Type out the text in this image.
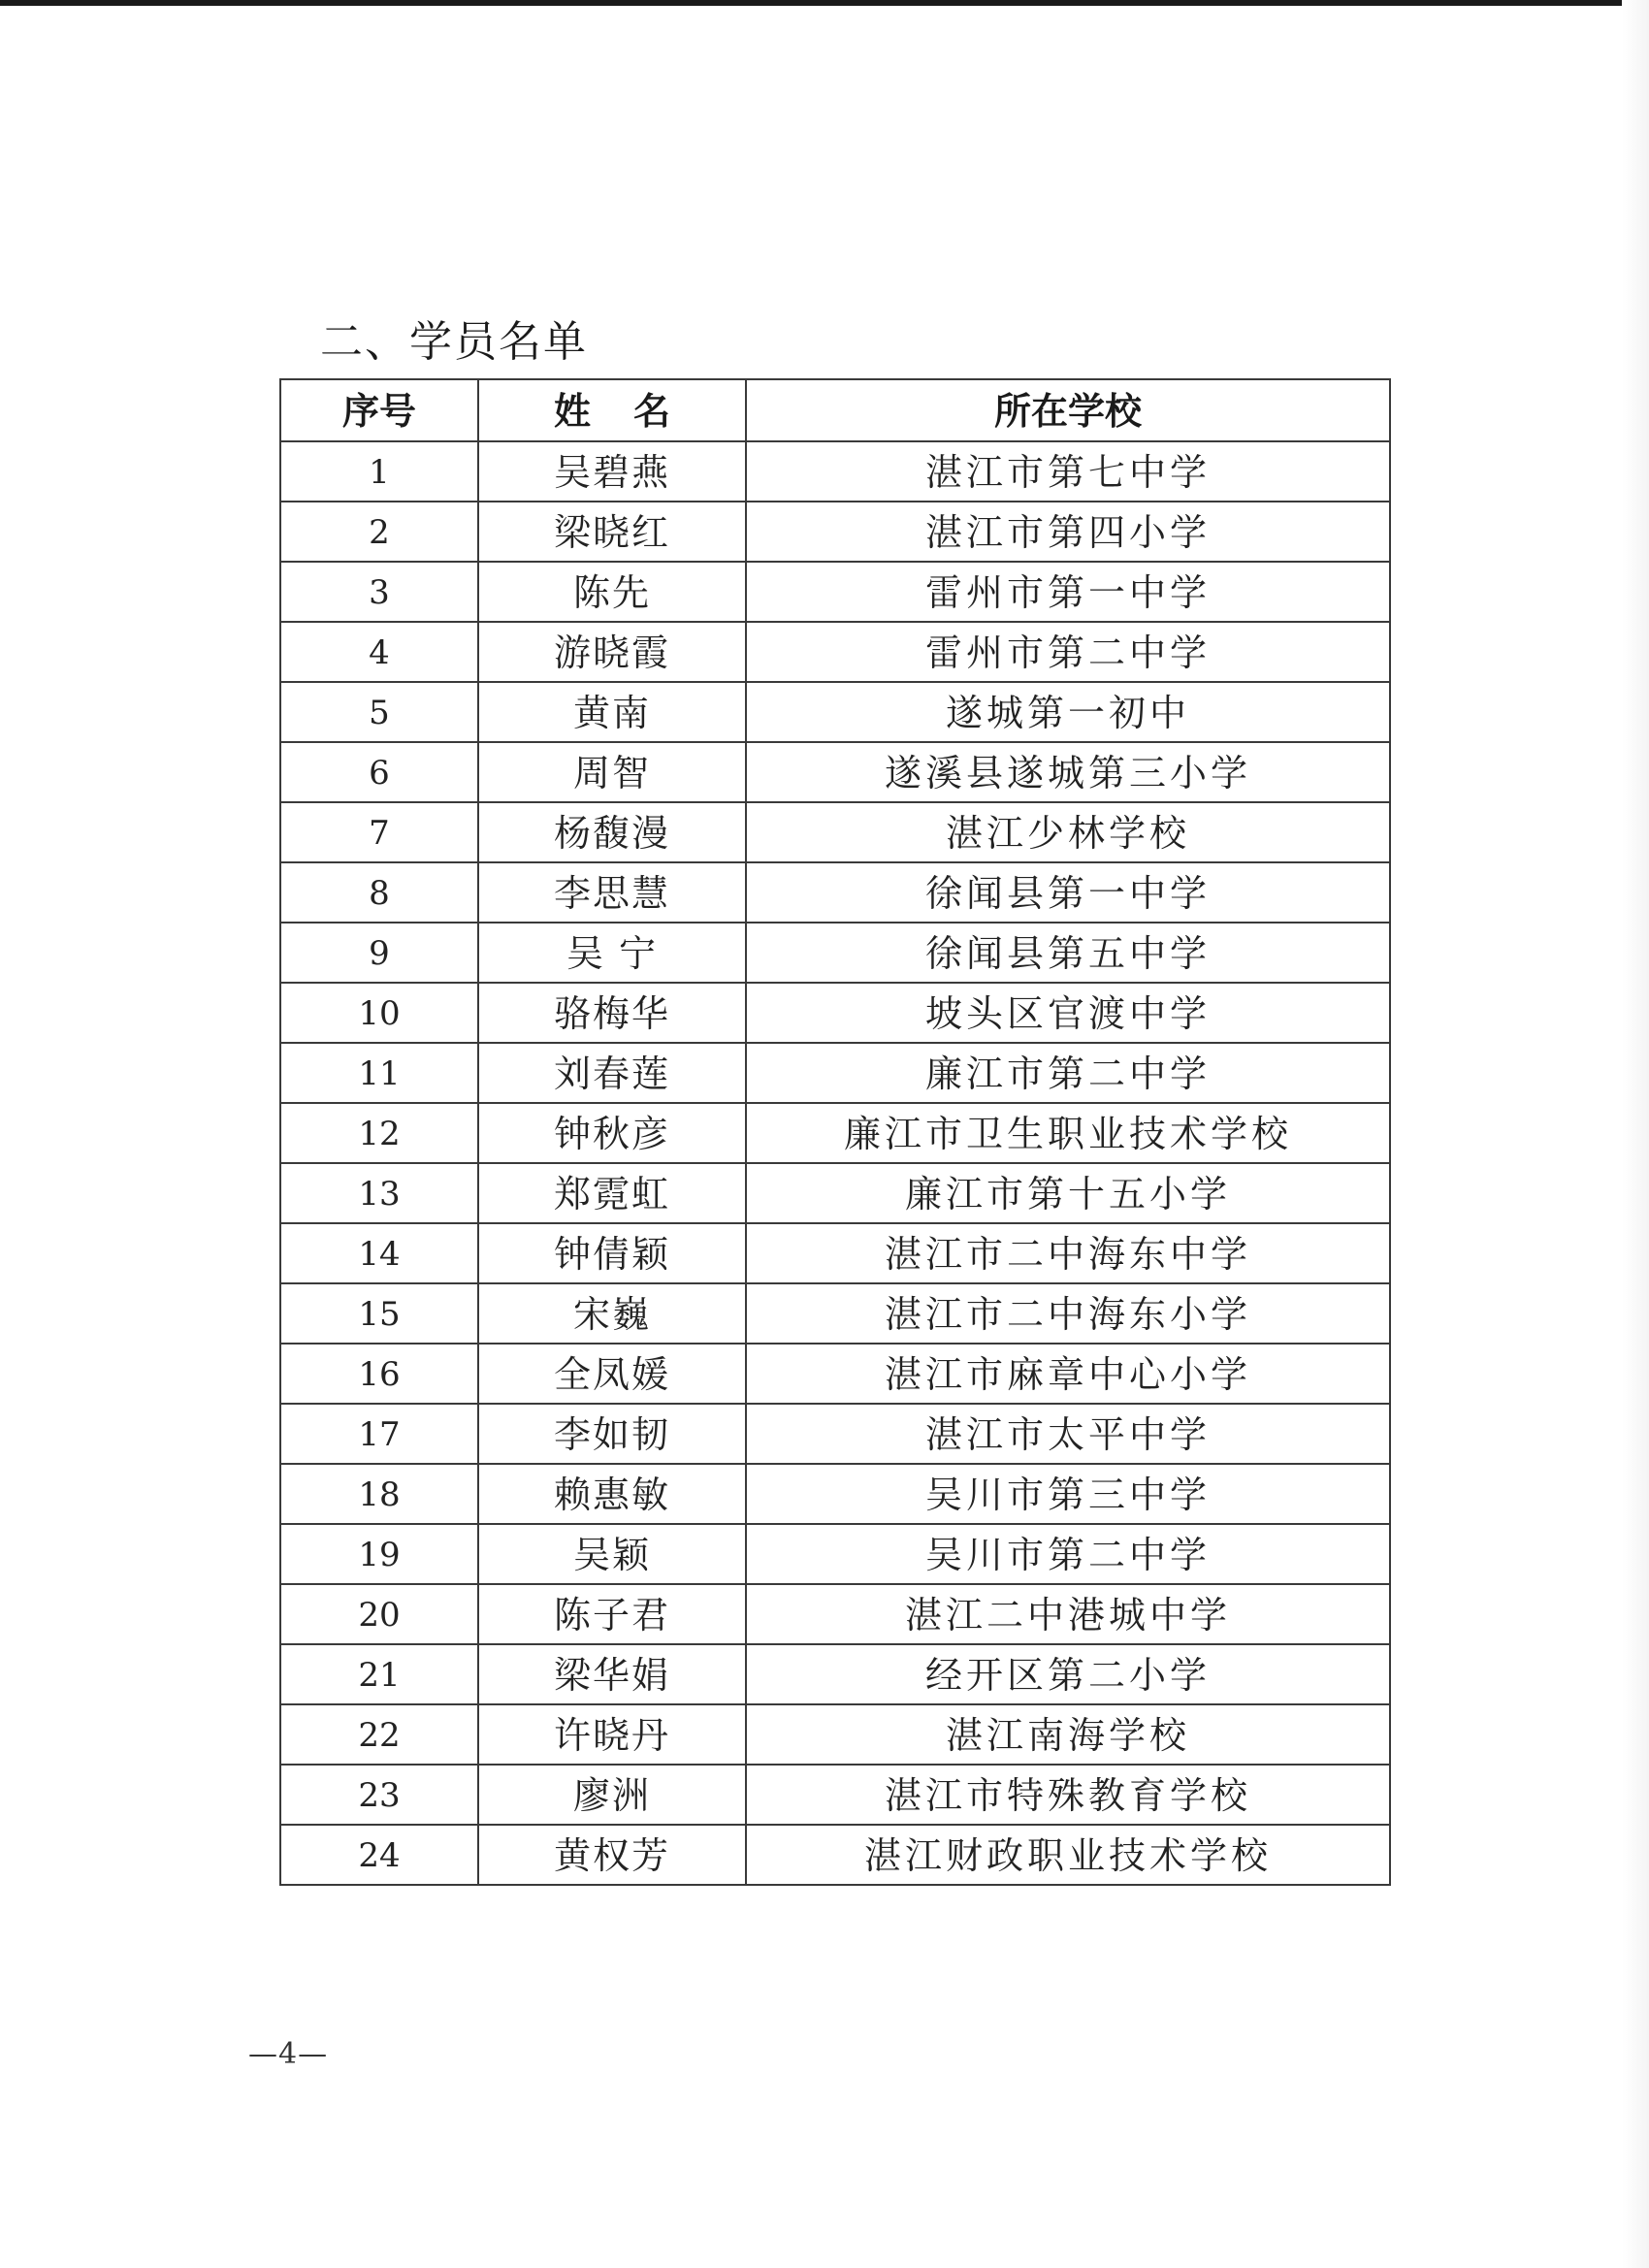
二、学员名单
序号	姓名	所在学校
1	吴碧燕	湛江市第七中学
2	梁晓红	湛江市第四小学
3	陈先	雷州市第一中学
4	游晓霞	雷州市第二中学
5	黄南	遂城第一初中
6	周智	遂溪县遂城第三小学
7	杨馥漫	湛江少林学校
8	李思慧	徐闻县第一中学
9	吴 宁	徐闻县第五中学
10	骆梅华	坡头区官渡中学
11	刘春莲	廉江市第二中学
12	钟秋彦	廉江市卫生职业技术学校
13	郑霓虹	廉江市第十五小学
14	钟倩颖	湛江市二中海东中学
15	宋巍	湛江市二中海东小学
16	全凤媛	湛江市麻章中心小学
17	李如韧	湛江市太平中学
18	赖惠敏	吴川市第三中学
19	吴颖	吴川市第二中学
20	陈子君	湛江二中港城中学
21	梁华娟	经开区第二小学
22	许晓丹	湛江南海学校
23	廖洲	湛江市特殊教育学校
24	黄权芳	湛江财政职业技术学校
—4—
